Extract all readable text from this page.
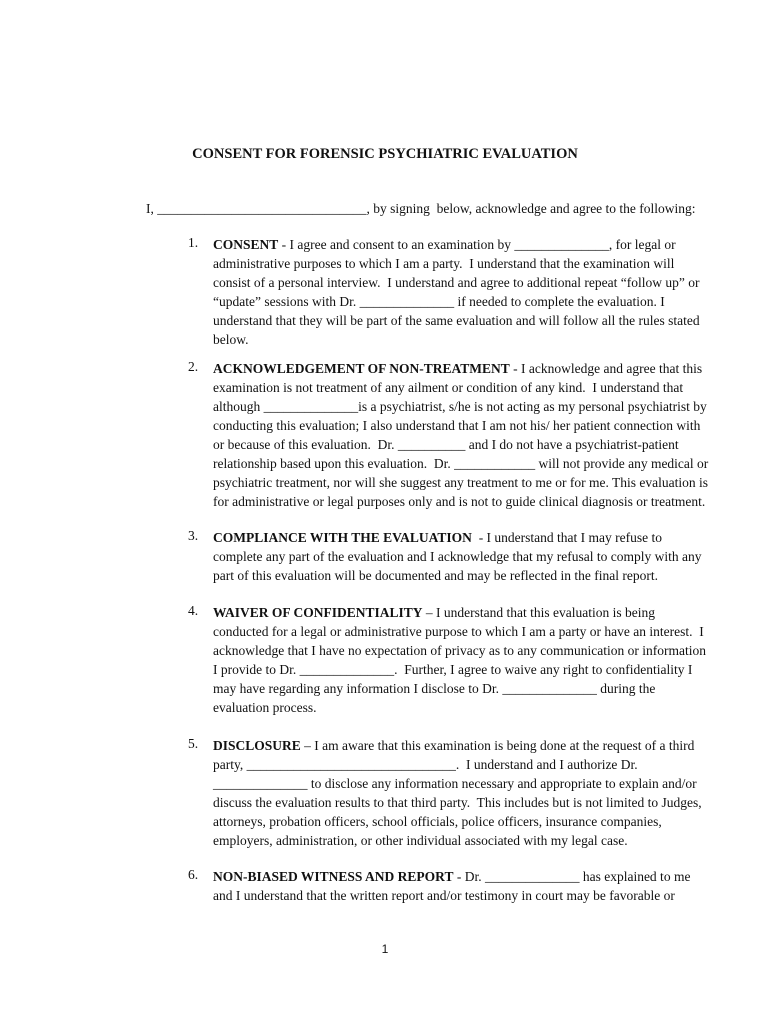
CONSENT FOR FORENSIC PSYCHIATRIC EVALUATION
I, _______________________________, by signing  below, acknowledge and agree to the following:
1. CONSENT - I agree and consent to an examination by ______________, for legal or
administrative purposes to which I am a party.  I understand that the examination will
consist of a personal interview.  I understand and agree to additional repeat “follow up” or
“update” sessions with Dr. ______________ if needed to complete the evaluation. I
understand that they will be part of the same evaluation and will follow all the rules stated
below.
2. ACKNOWLEDGEMENT OF NON-TREATMENT - I acknowledge and agree that this
examination is not treatment of any ailment or condition of any kind.  I understand that
although ______________is a psychiatrist, s/he is not acting as my personal psychiatrist by
conducting this evaluation; I also understand that I am not his/ her patient connection with
or because of this evaluation.  Dr. __________ and I do not have a psychiatrist-patient
relationship based upon this evaluation.  Dr. ____________ will not provide any medical or
psychiatric treatment, nor will she suggest any treatment to me or for me. This evaluation is
for administrative or legal purposes only and is not to guide clinical diagnosis or treatment.
3. COMPLIANCE WITH THE EVALUATION  - I understand that I may refuse to
complete any part of the evaluation and I acknowledge that my refusal to comply with any
part of this evaluation will be documented and may be reflected in the final report.
4. WAIVER OF CONFIDENTIALITY – I understand that this evaluation is being
conducted for a legal or administrative purpose to which I am a party or have an interest.  I
acknowledge that I have no expectation of privacy as to any communication or information
I provide to Dr. ______________.  Further, I agree to waive any right to confidentiality I
may have regarding any information I disclose to Dr. ______________ during the
evaluation process.
5. DISCLOSURE – I am aware that this examination is being done at the request of a third
party, _______________________________.  I understand and I authorize Dr.
______________ to disclose any information necessary and appropriate to explain and/or
discuss the evaluation results to that third party.  This includes but is not limited to Judges,
attorneys, probation officers, school officials, police officers, insurance companies,
employers, administration, or other individual associated with my legal case.
6. NON-BIASED WITNESS AND REPORT - Dr. ______________ has explained to me
and I understand that the written report and/or testimony in court may be favorable or
1
